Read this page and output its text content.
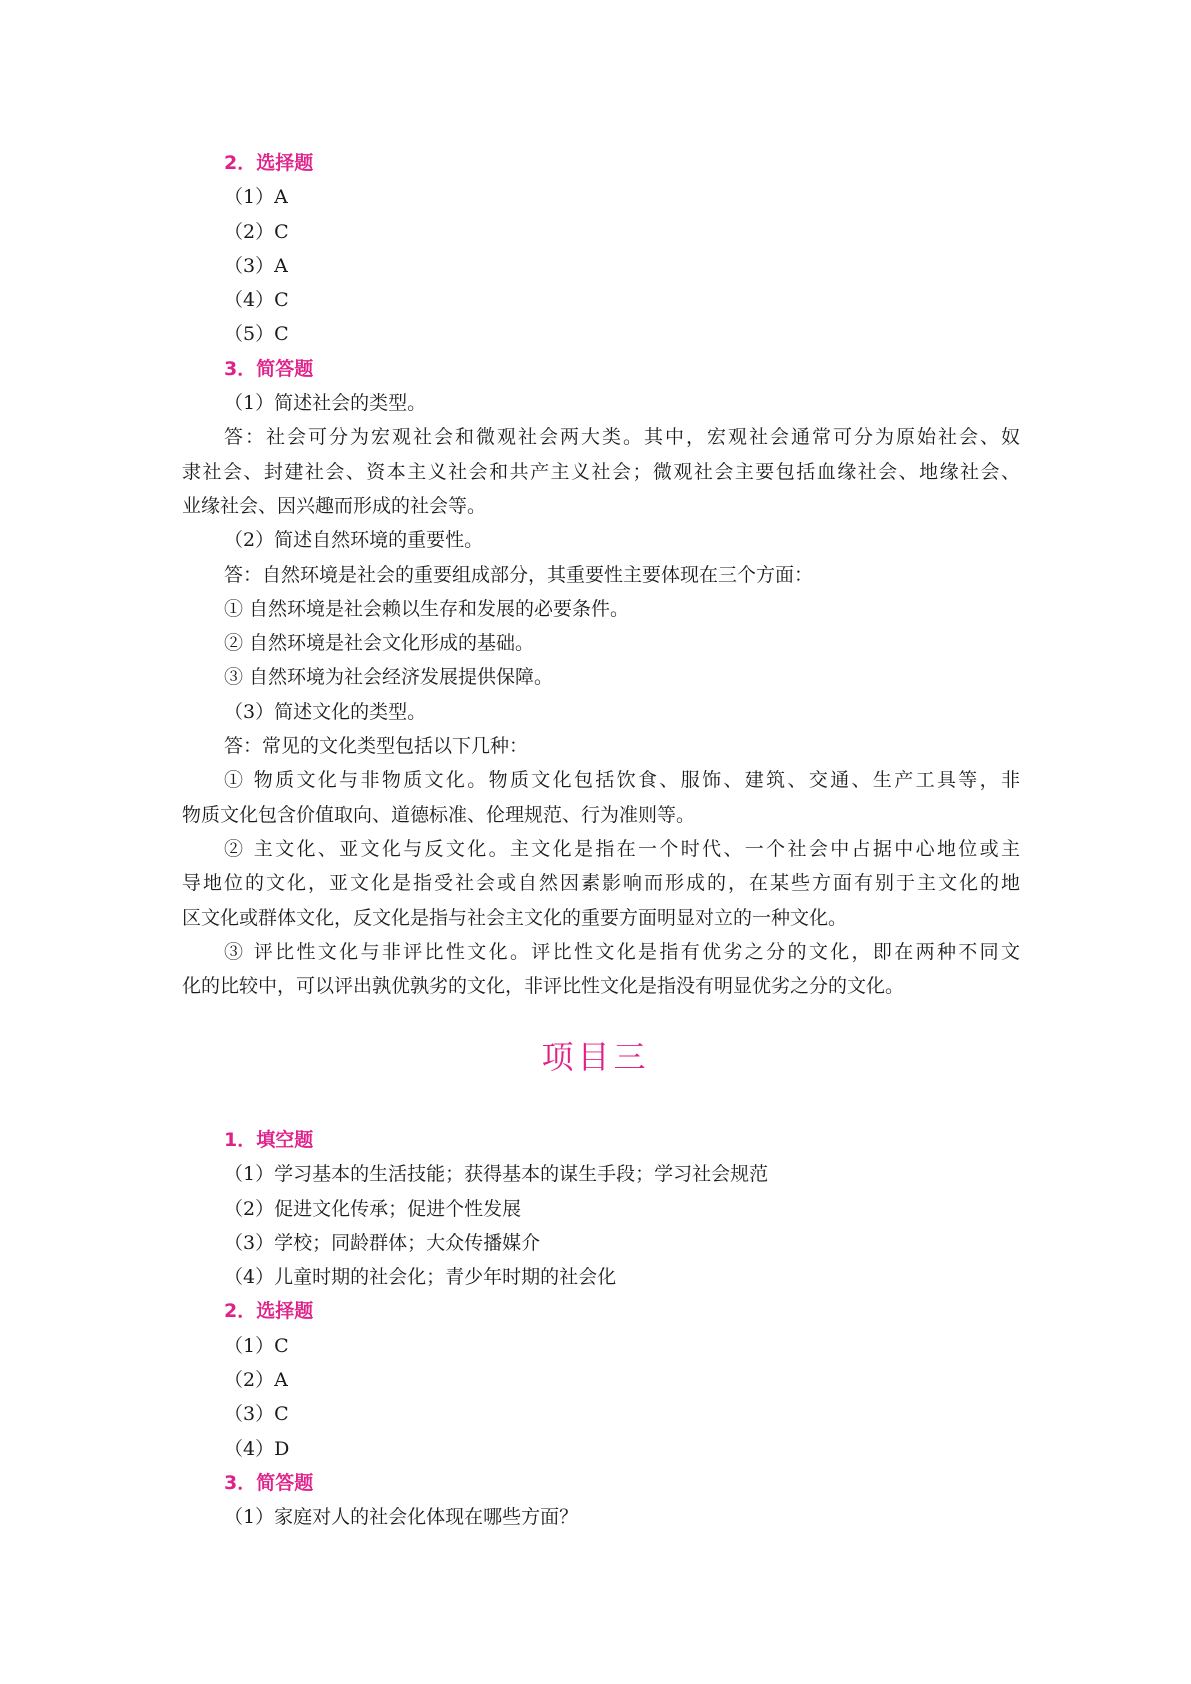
2．选择题
（1）A
（2）C
（3）A
（4）C
（5）C
3．简答题
（1）简述社会的类型。
答：社会可分为宏观社会和微观社会两大类。其中，宏观社会通常可分为原始社会、奴
隶社会、封建社会、资本主义社会和共产主义社会；微观社会主要包括血缘社会、地缘社会、
业缘社会、因兴趣而形成的社会等。
（2）简述自然环境的重要性。
答：自然环境是社会的重要组成部分，其重要性主要体现在三个方面：
① 自然环境是社会赖以生存和发展的必要条件。
② 自然环境是社会文化形成的基础。
③ 自然环境为社会经济发展提供保障。
（3）简述文化的类型。
答：常见的文化类型包括以下几种：
① 物质文化与非物质文化。物质文化包括饮食、服饰、建筑、交通、生产工具等，非
物质文化包含价值取向、道德标准、伦理规范、行为准则等。
② 主文化、亚文化与反文化。主文化是指在一个时代、一个社会中占据中心地位或主
导地位的文化，亚文化是指受社会或自然因素影响而形成的，在某些方面有别于主文化的地
区文化或群体文化，反文化是指与社会主文化的重要方面明显对立的一种文化。
③ 评比性文化与非评比性文化。评比性文化是指有优劣之分的文化，即在两种不同文
化的比较中，可以评出孰优孰劣的文化，非评比性文化是指没有明显优劣之分的文化。
项目三
1．填空题
（1）学习基本的生活技能；获得基本的谋生手段；学习社会规范
（2）促进文化传承；促进个性发展
（3）学校；同龄群体；大众传播媒介
（4）儿童时期的社会化；青少年时期的社会化
2．选择题
（1）C
（2）A
（3）C
（4）D
3．简答题
（1）家庭对人的社会化体现在哪些方面？
